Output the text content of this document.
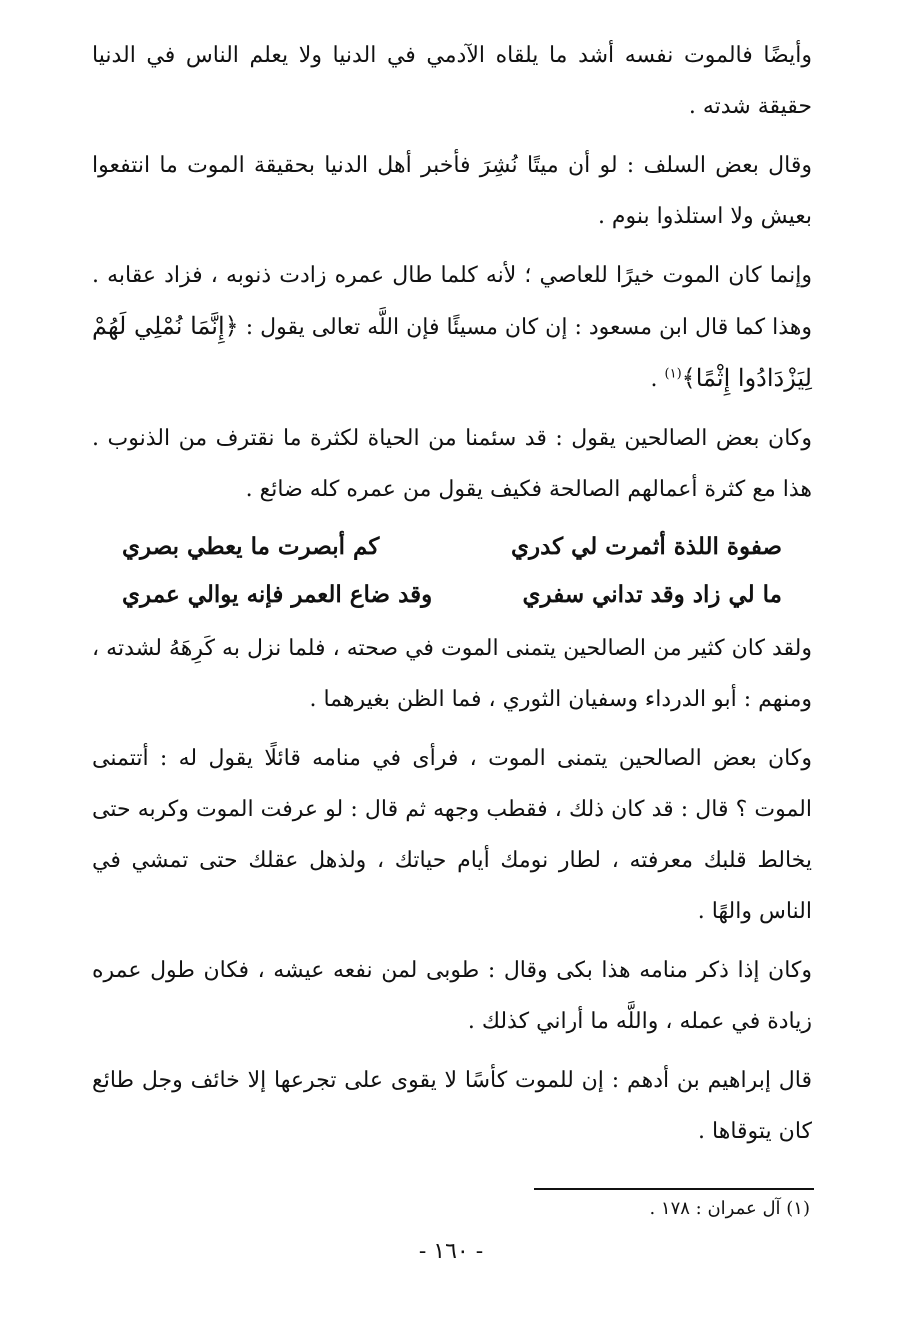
وأيضًا فالموت نفسه أشد ما يلقاه الآدمي في الدنيا ولا يعلم الناس في الدنيا حقيقة شدته .

وقال بعض السلف : لو أن ميتًا نُشِرَ فأخبر أهل الدنيا بحقيقة الموت ما انتفعوا بعيش ولا استلذوا بنوم .

وإنما كان الموت خيرًا للعاصي ؛ لأنه كلما طال عمره زادت ذنوبه ، فزاد عقابه . وهذا كما قال ابن مسعود : إن كان مسيئًا فإن اللَّه تعالى يقول : ﴿إِنَّمَا نُمْلِي لَهُمْ لِيَزْدَادُوا إِثْمًا﴾$^{(١)}$ .

وكان بعض الصالحين يقول : قد سئمنا من الحياة لكثرة ما نقترف من الذنوب . هذا مع كثرة أعمالهم الصالحة فكيف يقول من عمره كله ضائع .

صفوة اللذة أثمرت لي كدري
كم أبصرت ما يعطي بصري
ما لي زاد وقد تداني سفري
وقد ضاع العمر فإنه يوالي عمري

ولقد كان كثير من الصالحين يتمنى الموت في صحته ، فلما نزل به كَرِهَهُ لشدته ، ومنهم : أبو الدرداء وسفيان الثوري ، فما الظن بغيرهما .

وكان بعض الصالحين يتمنى الموت ، فرأى في منامه قائلًا يقول له : أتتمنى الموت ؟ قال : قد كان ذلك ، فقطب وجهه ثم قال : لو عرفت الموت وكربه حتى يخالط قلبك معرفته ، لطار نومك أيام حياتك ، ولذهل عقلك حتى تمشي في الناس والهًا .

وكان إذا ذكر منامه هذا بكى وقال : طوبى لمن نفعه عيشه ، فكان طول عمره زيادة في عمله ، واللَّه ما أراني كذلك .

قال إبراهيم بن أدهم : إن للموت كأسًا لا يقوى على تجرعها إلا خائف وجل طائع كان يتوقاها .

(١) آل عمران : ١٧٨ .
- ١٦٠ -
